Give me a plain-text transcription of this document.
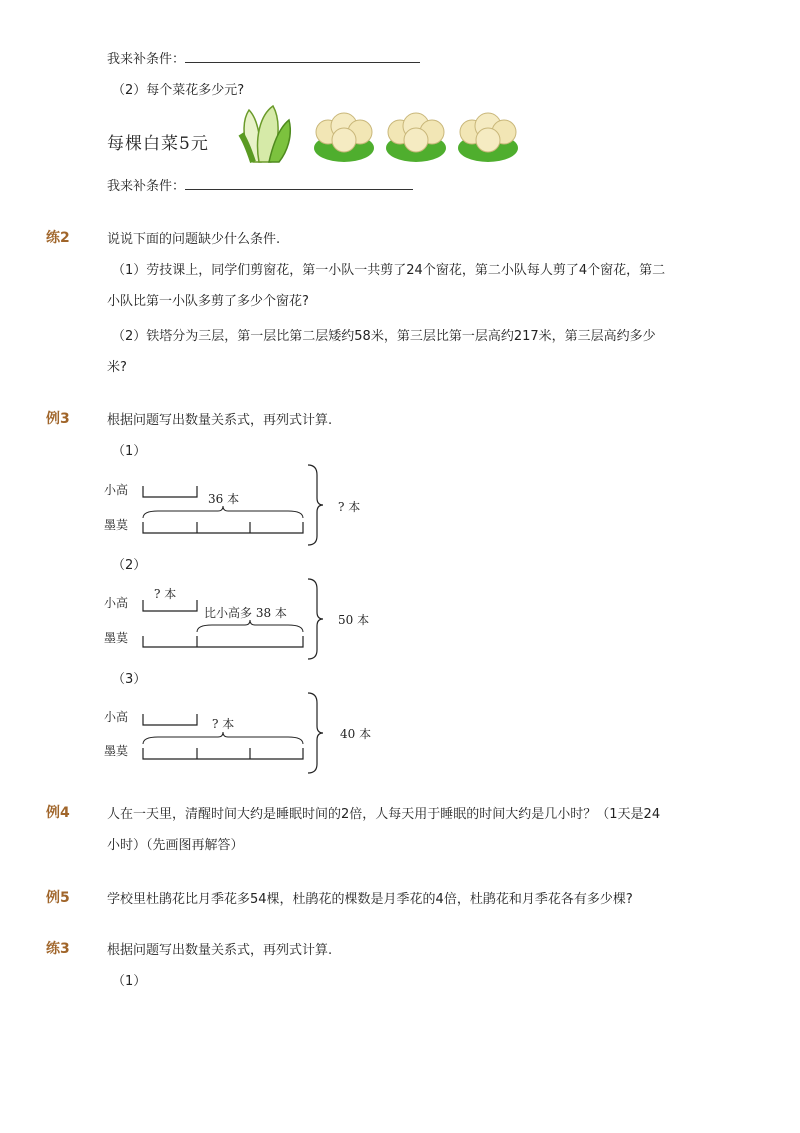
我来补条件：
（2）每个菜花多少元?
每棵白菜5元
我来补条件：
练2	说说下面的问题缺少什么条件.
（1）劳技课上，同学们剪窗花，第一小队一共剪了24个窗花，第二小队每人剪了4个窗花，第二
小队比第一小队多剪了多少个窗花?
（2）铁塔分为三层，第一层比第二层矮约58米，第三层比第一层高约217米，第三层高约多少
米?
例3	根据问题写出数量关系式，再列式计算.
（1）
小高
墨莫
36 本
? 本
（2）
小高
墨莫
? 本
比小高多 38 本	50 本
（3）
小高
墨莫
? 本
40 本
例4	人在一天里，清醒时间大约是睡眠时间的2倍，人每天用于睡眠的时间大约是几小时？（1天是24
小时）（先画图再解答）
例5	学校里杜鹃花比月季花多54棵，杜鹃花的棵数是月季花的4倍，杜鹃花和月季花各有多少棵?
练3	根据问题写出数量关系式，再列式计算.
（1）
